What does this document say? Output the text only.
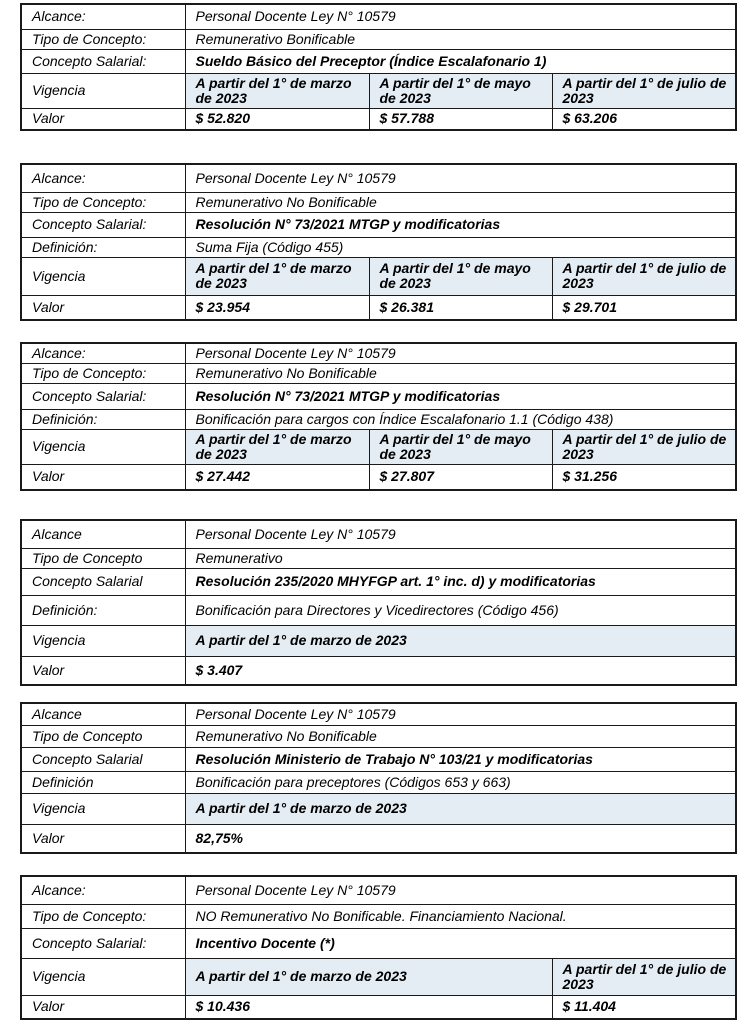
Alcance:	Personal Docente Ley N° 10579		
Tipo de Concepto:	Remunerativo Bonificable		
Concepto Salarial:	Sueldo Básico del Preceptor (Índice Escalafonario 1)		
Vigencia	A partir del 1° de marzo de 2023	A partir del 1° de mayo de 2023	A partir del 1° de julio de 2023
Valor	$ 52.820	$ 57.788	$ 63.206
Alcance:	Personal Docente Ley N° 10579		
Tipo de Concepto:	Remunerativo No Bonificable		
Concepto Salarial:	Resolución N° 73/2021 MTGP y modificatorias		
Definición:	Suma Fija (Código 455)		
Vigencia	A partir del 1° de marzo de 2023	A partir del 1° de mayo de 2023	A partir del 1° de julio de 2023
Valor	$ 23.954	$ 26.381	$ 29.701
Alcance:	Personal Docente Ley N° 10579		
Tipo de Concepto:	Remunerativo No Bonificable		
Concepto Salarial:	Resolución N° 73/2021 MTGP y modificatorias		
Definición:	Bonificación para cargos con Índice Escalafonario 1.1 (Código 438)		
Vigencia	A partir del 1° de marzo de 2023	A partir del 1° de mayo de 2023	A partir del 1° de julio de 2023
Valor	$ 27.442	$ 27.807	$ 31.256
Alcance	Personal Docente Ley N° 10579
Tipo de Concepto	Remunerativo
Concepto Salarial	Resolución 235/2020 MHYFGP art. 1° inc. d) y modificatorias
Definición:	Bonificación para Directores y Vicedirectores (Código 456)
Vigencia	A partir del 1° de marzo de 2023
Valor	$ 3.407
Alcance	Personal Docente Ley N° 10579
Tipo de Concepto	Remunerativo No Bonificable
Concepto Salarial	Resolución Ministerio de Trabajo N° 103/21 y modificatorias
Definición	Bonificación para preceptores (Códigos 653 y 663)
Vigencia	A partir del 1° de marzo de 2023
Valor	82,75%
Alcance:	Personal Docente Ley N° 10579	
Tipo de Concepto:	NO Remunerativo No Bonificable. Financiamiento Nacional.	
Concepto Salarial:	Incentivo Docente (*)	
Vigencia	A partir del 1° de marzo de 2023	A partir del 1° de julio de 2023
Valor	$ 10.436	$ 11.404
